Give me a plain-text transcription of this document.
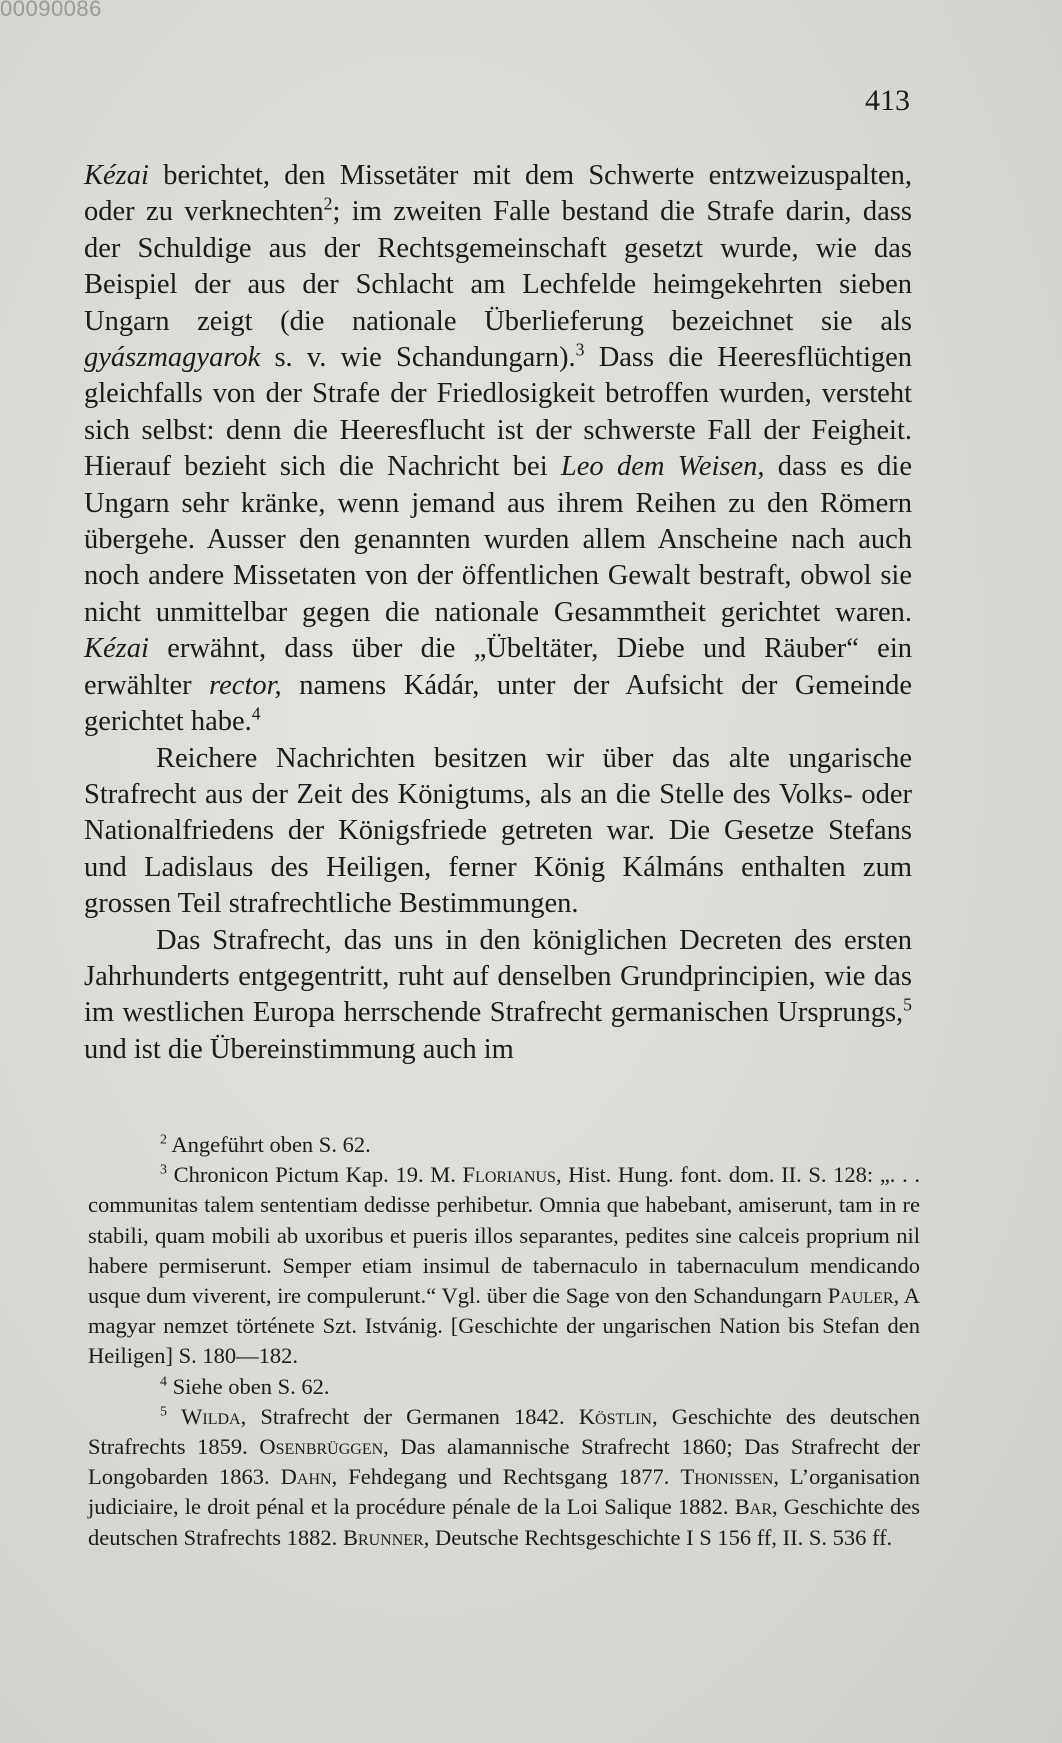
00090086
413

Kézai berichtet, den Missetäter mit dem Schwerte entzweizuspalten, oder zu verknechten$^2$; im zweiten Falle bestand die Strafe darin, dass der Schuldige aus der Rechtsgemeinschaft gesetzt wurde, wie das Beispiel der aus der Schlacht am Lechfelde heimgekehrten sieben Ungarn zeigt (die nationale Überlieferung bezeichnet sie als gyászmagyarok s. v. wie Schandungarn).$^3$ Dass die Heeresflüchtigen gleichfalls von der Strafe der Friedlosigkeit betroffen wurden, versteht sich selbst: denn die Heeresflucht ist der schwerste Fall der Feigheit. Hierauf bezieht sich die Nachricht bei Leo dem Weisen, dass es die Ungarn sehr kränke, wenn jemand aus ihrem Reihen zu den Römern übergehe. Ausser den genannten wurden allem Anscheine nach auch noch andere Missetaten von der öffentlichen Gewalt bestraft, obwol sie nicht unmittelbar gegen die nationale Gesammtheit gerichtet waren. Kézai erwähnt, dass über die „Übeltäter, Diebe und Räuber“ ein erwählter rector, namens Kádár, unter der Aufsicht der Gemeinde gerichtet habe.$^4$

Reichere Nachrichten besitzen wir über das alte ungarische Strafrecht aus der Zeit des Königtums, als an die Stelle des Volks- oder Nationalfriedens der Königsfriede getreten war. Die Gesetze Stefans und Ladislaus des Heiligen, ferner König Kálmáns enthalten zum grossen Teil strafrechtliche Bestimmungen.

Das Strafrecht, das uns in den königlichen Decreten des ersten Jahrhunderts entgegentritt, ruht auf denselben Grundprincipien, wie das im westlichen Europa herrschende Strafrecht germanischen Ursprungs,$^5$ und ist die Übereinstimmung auch im

$^2$ Angeführt oben S. 62.

$^3$ Chronicon Pictum Kap. 19. M. Florianus, Hist. Hung. font. dom. II. S. 128: „. . . communitas talem sententiam dedisse perhibetur. Omnia que habebant, amiserunt, tam in re stabili, quam mobili ab uxoribus et pueris illos separantes, pedites sine calceis proprium nil habere permiserunt. Semper etiam insimul de tabernaculo in tabernaculum mendicando usque dum viverent, ire compulerunt.“ Vgl. über die Sage von den Schandungarn Pauler, A magyar nemzet története Szt. Istvánig. [Geschichte der ungarischen Nation bis Stefan den Heiligen] S. 180—182.

$^4$ Siehe oben S. 62.

$^5$ Wilda, Strafrecht der Germanen 1842. Köstlin, Geschichte des deutschen Strafrechts 1859. Osenbrüggen, Das alamannische Strafrecht 1860; Das Strafrecht der Longobarden 1863. Dahn, Fehdegang und Rechtsgang 1877. Thonissen, L’organisation judiciaire, le droit pénal et la procédure pénale de la Loi Salique 1882. Bar, Geschichte des deutschen Strafrechts 1882. Brunner, Deutsche Rechtsgeschichte I S 156 ff, II. S. 536 ff.
